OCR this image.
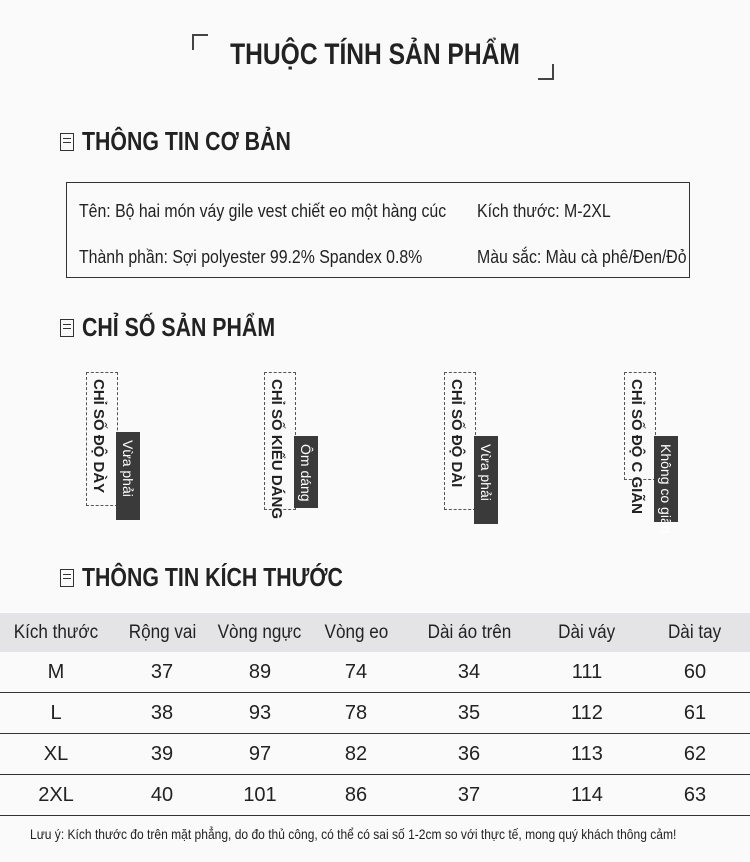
THUỘC TÍNH SẢN PHẨM
THÔNG TIN CƠ BẢN
Tên: Bộ hai món váy gile vest chiết eo một hàng cúc Kích thước: M-2XL
Thành phần: Sợi polyester 99.2% Spandex 0.8%	Màu sắc: Màu cà phê/Đen/Đỏ
CHỈ SỐ SẢN PHẨM
CHỈ SỐ ĐỘ DÀY Vừa phải	CHỈ SỐ KIỂU DÁNG Ôm dáng	CHỈ SỐ ĐỘ DÀI Vừa phải	CHỈ SỐ ĐỘ C GIÃN Không co giãn
THÔNG TIN KÍCH THƯỚC
Kích thước	Rộng vai	Vòng ngực	Vòng eo	Dài áo trên	Dài váy	Dài tay
M	37	89	74	34	111	60
L	38	93	78	35	112	61
XL	39	97	82	36	113	62
2XL	40	101	86	37	114	63
Lưu ý: Kích thước đo trên mặt phẳng, do đo thủ công, có thể có sai số 1-2cm so với thực tế, mong quý khách thông cảm!
